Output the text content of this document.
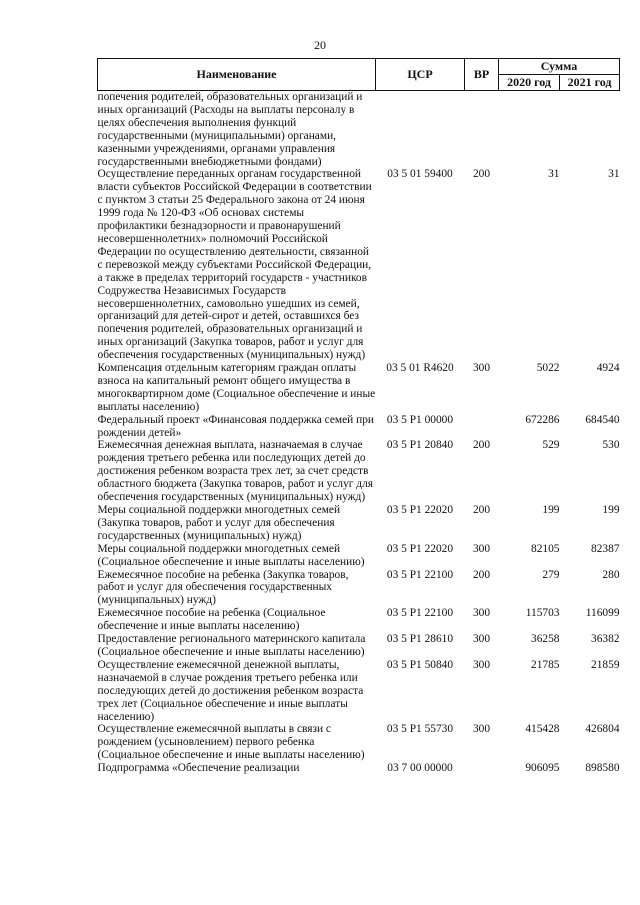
20
Наименование	ЦСР	ВР	Сумма	
			2020 год	2021 год
попечения родителей, образовательных организаций и иных организаций (Расходы на выплаты персоналу в целях обеспечения выполнения функций государственными (муниципальными) органами, казенными учреждениями, органами управления государственными внебюджетными фондами)				
Осуществление переданных органам государственной власти субъектов Российской Федерации в соответствии с пунктом 3 статьи 25 Федерального закона от 24 июня 1999 года № 120-ФЗ «Об основах системы профилактики безнадзорности и правонарушений несовершеннолетних» полномочий Российской Федерации по осуществлению деятельности, связанной с перевозкой между субъектами Российской Федерации, а также в пределах территорий государств - участников Содружества Независимых Государств несовершеннолетних, самовольно ушедших из семей, организаций для детей-сирот и детей, оставшихся без попечения родителей, образовательных организаций и иных организаций (Закупка товаров, работ и услуг для обеспечения государственных (муниципальных) нужд)	03 5 01 59400	200	31	31
Компенсация отдельным категориям граждан оплаты взноса на капитальный ремонт общего имущества в многоквартирном доме (Социальное обеспечение и иные выплаты населению)	03 5 01 R4620	300	5022	4924
Федеральный проект «Финансовая поддержка семей при рождении детей»	03 5 P1 00000		672286	684540
Ежемесячная денежная выплата, назначаемая в случае рождения третьего ребенка или последующих детей до достижения ребенком возраста трех лет, за счет средств областного бюджета (Закупка товаров, работ и услуг для обеспечения государственных (муниципальных) нужд)	03 5 P1 20840	200	529	530
Меры социальной поддержки многодетных семей (Закупка товаров, работ и услуг для обеспечения государственных (муниципальных) нужд)	03 5 P1 22020	200	199	199
Меры социальной поддержки многодетных семей (Социальное обеспечение и иные выплаты населению)	03 5 P1 22020	300	82105	82387
Ежемесячное пособие на ребенка (Закупка товаров, работ и услуг для обеспечения государственных (муниципальных) нужд)	03 5 P1 22100	200	279	280
Ежемесячное пособие на ребенка (Социальное обеспечение и иные выплаты населению)	03 5 P1 22100	300	115703	116099
Предоставление регионального материнского капитала (Социальное обеспечение и иные выплаты населению)	03 5 P1 28610	300	36258	36382
Осуществление ежемесячной денежной выплаты, назначаемой в случае рождения третьего ребенка или последующих детей до достижения ребенком возраста трех лет (Социальное обеспечение и иные выплаты населению)	03 5 P1 50840	300	21785	21859
Осуществление ежемесячной выплаты в связи с рождением (усыновлением) первого ребенка (Социальное обеспечение и иные выплаты населению)	03 5 P1 55730	300	415428	426804
Подпрограмма «Обеспечение реализации	03 7 00 00000		906095	898580
